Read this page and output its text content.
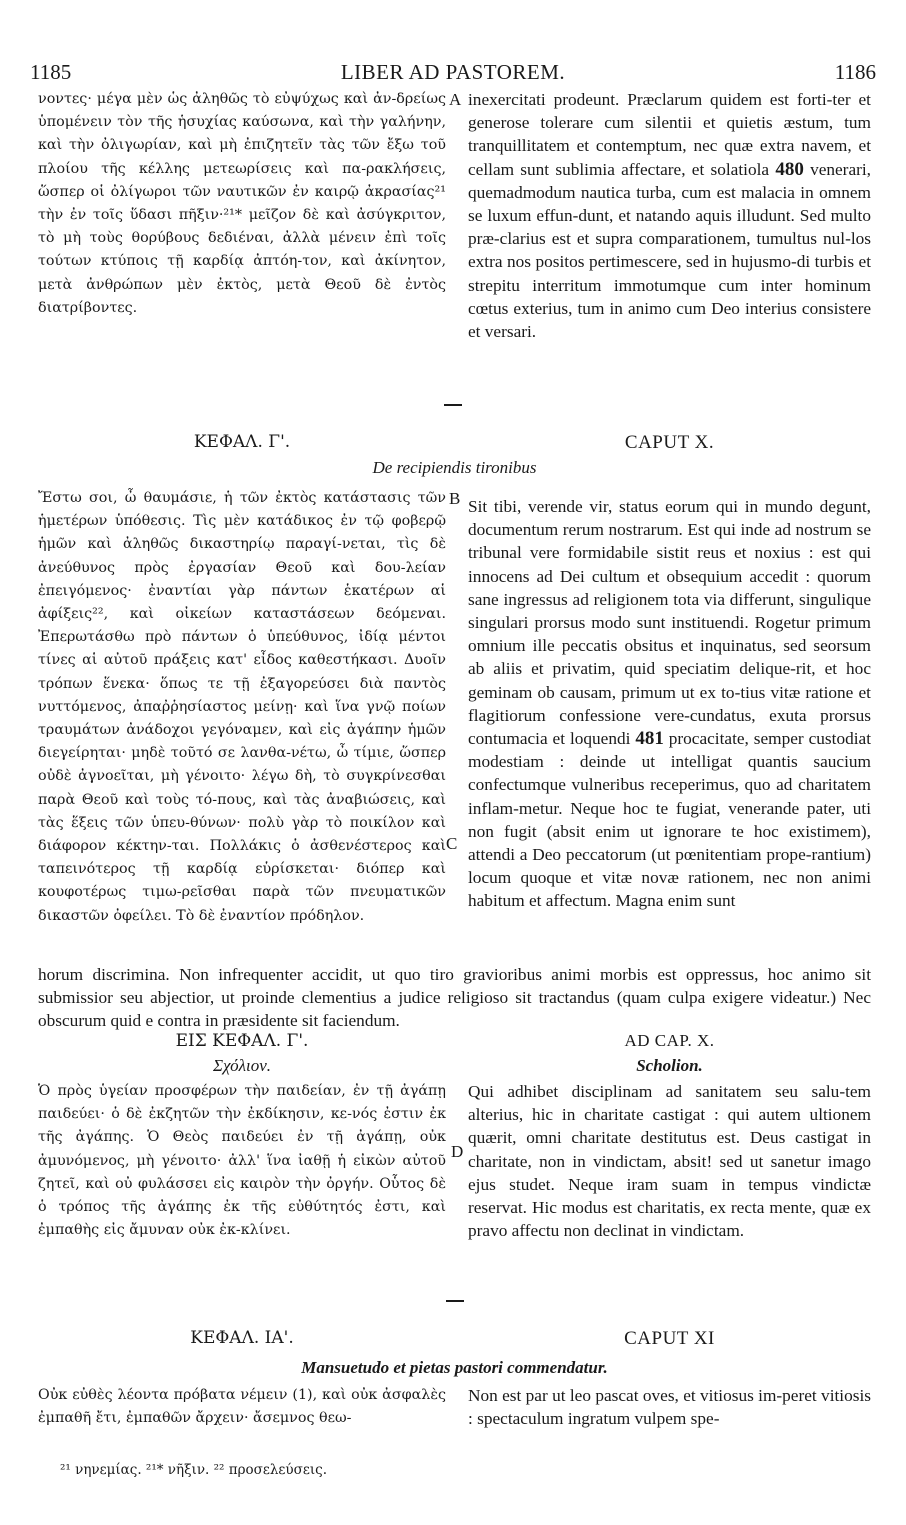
1185	LIBER AD PASTOREM.	1186

νοντες· μέγα μὲν ὡς ἀληθῶς τὸ εὐψύχως καὶ ἀν-δρείως ὑπομένειν τὸν τῆς ἡσυχίας καύσωνα, καὶ τὴν γαλήνην, καὶ τὴν ὀλιγωρίαν, καὶ μὴ ἐπιζητεῖν τὰς τῶν ἔξω τοῦ πλοίου τῆς κέλλης μετεωρίσεις καὶ πα-ρακλήσεις, ὥσπερ οἱ ὀλίγωροι τῶν ναυτικῶν ἐν καιρῷ ἀκρασίας²¹ τὴν ἐν τοῖς ὕδασι πῆξιν·²¹* μεῖζον δὲ καὶ ἀσύγκριτον, τὸ μὴ τοὺς θορύβους δεδιέναι, ἀλλὰ μένειν ἐπὶ τοῖς τούτων κτύποις τῇ καρδίᾳ ἀπτόη-τον, καὶ ἀκίνητον, μετὰ ἀνθρώπων μὲν ἐκτὸς, μετὰ Θεοῦ δὲ ἐντὸς διατρίβοντες.

A inexercitati prodeunt. Præclarum quidem est forti-ter et generose tolerare cum silentii et quietis æstum, tum tranquillitatem et contemptum, nec quæ extra navem, et cellam sunt sublimia affectare, et solatiola 480 venerari, quemadmodum nautica turba, cum est malacia in omnem se luxum effun-dunt, et natando aquis illudunt. Sed multo præ-clarius est et supra comparationem, tumultus nul-los extra nos positos pertimescere, sed in hujusmo-di turbis et strepitu interritum immotumque cum inter hominum cœtus exterius, tum in animo cum Deo interius consistere et versari.

ΚΕΦΑΛ. Γ'.	CAPUT X.
De recipiendis tironibus

Ἔστω σοι, ὦ θαυμάσιε, ἡ τῶν ἐκτὸς κατάστασις τῶν ἡμετέρων ὑπόθεσις. Τὶς μὲν κατάδικος ἐν τῷ φοβερῷ ἡμῶν καὶ ἀληθῶς δικαστηρίῳ παραγί-νεται, τὶς δὲ ἀνεύθυνος πρὸς ἐργασίαν Θεοῦ καὶ δου-λείαν ἐπειγόμενος· ἐναντίαι γὰρ πάντων ἑκατέρων αἱ ἀφίξεις²², καὶ οἰκείων καταστάσεων δεόμεναι. Ἐπερωτάσθω πρὸ πάντων ὁ ὑπεύθυνος, ἰδίᾳ μέντοι τίνες αἱ αὐτοῦ πράξεις κατ' εἶδος καθεστήκασι. Δυοῖν τρόπων ἕνεκα· ὅπως τε τῇ ἐξαγορεύσει διὰ παντὸς νυττόμενος, ἀπαῤῥησίαστος μείνῃ· καὶ ἵνα γνῷ ποίων τραυμάτων ἀνάδοχοι γεγόναμεν, καὶ εἰς ἀγάπην ἡμῶν διεγείρηται· μηδὲ τοῦτό σε λανθα-νέτω, ὦ τίμιε, ὥσπερ οὐδὲ ἀγνοεῖται, μὴ γένοιτο· λέγω δὴ, τὸ συγκρίνεσθαι παρὰ Θεοῦ καὶ τοὺς τό-πους, καὶ τὰς ἀναβιώσεις, καὶ τὰς ἕξεις τῶν ὑπευ-θύνων· πολὺ γὰρ τὸ ποικίλον καὶ διάφορον κέκτην-ται. Πολλάκις ὁ ἀσθενέστερος καὶ ταπεινότερος τῇ καρδίᾳ εὑρίσκεται· διόπερ καὶ κουφοτέρως τιμω-ρεῖσθαι παρὰ τῶν πνευματικῶν δικαστῶν ὀφείλει. Τὸ δὲ ἐναντίον πρόδηλον.

B
C

Sit tibi, verende vir, status eorum qui in mundo degunt, documentum rerum nostrarum. Est qui inde ad nostrum se tribunal vere formidabile sistit reus et noxius : est qui innocens ad Dei cultum et obsequium accedit : quorum sane ingressus ad religionem tota via differunt, singulique singulari prorsus modo sunt instituendi. Rogetur primum omnium ille peccatis obsitus et inquinatus, sed seorsum ab aliis et privatim, quid speciatim delique-rit, et hoc geminam ob causam, primum ut ex to-tius vitæ ratione et flagitiorum confessione vere-cundatus, exuta prorsus contumacia et loquendi 481 procacitate, semper custodiat modestiam : deinde ut intelligat quantis saucium confectumque vulneribus receperimus, quo ad charitatem inflam-metur. Neque hoc te fugiat, venerande pater, uti non fugit (absit enim ut ignorare te hoc existimem), attendi a Deo peccatorum (ut pœnitentiam prope-rantium) locum quoque et vitæ novæ rationem, nec non animi habitum et affectum. Magna enim sunt

horum discrimina. Non infrequenter accidit, ut quo tiro gravioribus animi morbis est oppressus, hoc animo sit submissior seu abjectior, ut proinde clementius a judice religioso sit tractandus (quam culpa exigere videatur.) Nec obscurum quid e contra in præsidente sit faciendum.

ΕΙΣ ΚΕΦΑΛ. Γ'.	AD CAP. X.
Σχόλιον.	Scholion.

Ὁ πρὸς ὑγείαν προσφέρων τὴν παιδείαν, ἐν τῇ ἀγάπῃ παιδεύει· ὁ δὲ ἐκζητῶν τὴν ἐκδίκησιν, κε-νός ἐστιν ἐκ τῆς ἀγάπης. Ὁ Θεὸς παιδεύει ἐν τῇ ἀγάπῃ, οὐκ ἀμυνόμενος, μὴ γένοιτο· ἀλλ' ἵνα ἰαθῇ ἡ εἰκὼν αὐτοῦ ζητεῖ, καὶ οὐ φυλάσσει εἰς καιρὸν τὴν ὀργήν. Οὗτος δὲ ὁ τρόπος τῆς ἀγάπης ἐκ τῆς εὐθύτητός ἐστι, καὶ ἐμπαθὴς εἰς ἄμυναν οὐκ ἐκ-κλίνει.

D

Qui adhibet disciplinam ad sanitatem seu salu-tem alterius, hic in charitate castigat : qui autem ultionem quærit, omni charitate destitutus est. Deus castigat in charitate, non in vindictam, absit! sed ut sanetur imago ejus studet. Neque iram suam in tempus vindictæ reservat. Hic modus est charitatis, ex recta mente, quæ ex pravo affectu non declinat in vindictam.

ΚΕΦΑΛ. ΙΑ'.	CAPUT XI
Mansuetudo et pietas pastori commendatur.

Οὐκ εὐθὲς λέοντα πρόβατα νέμειν (1), καὶ οὐκ ἀσφαλὲς ἐμπαθῆ ἔτι, ἐμπαθῶν ἄρχειν· ἄσεμνος θεω-

Non est par ut leo pascat oves, et vitiosus im-peret vitiosis : spectaculum ingratum vulpem spe-

²¹ νηνεμίας. ²¹* νῆξιν. ²² προσελεύσεις.
